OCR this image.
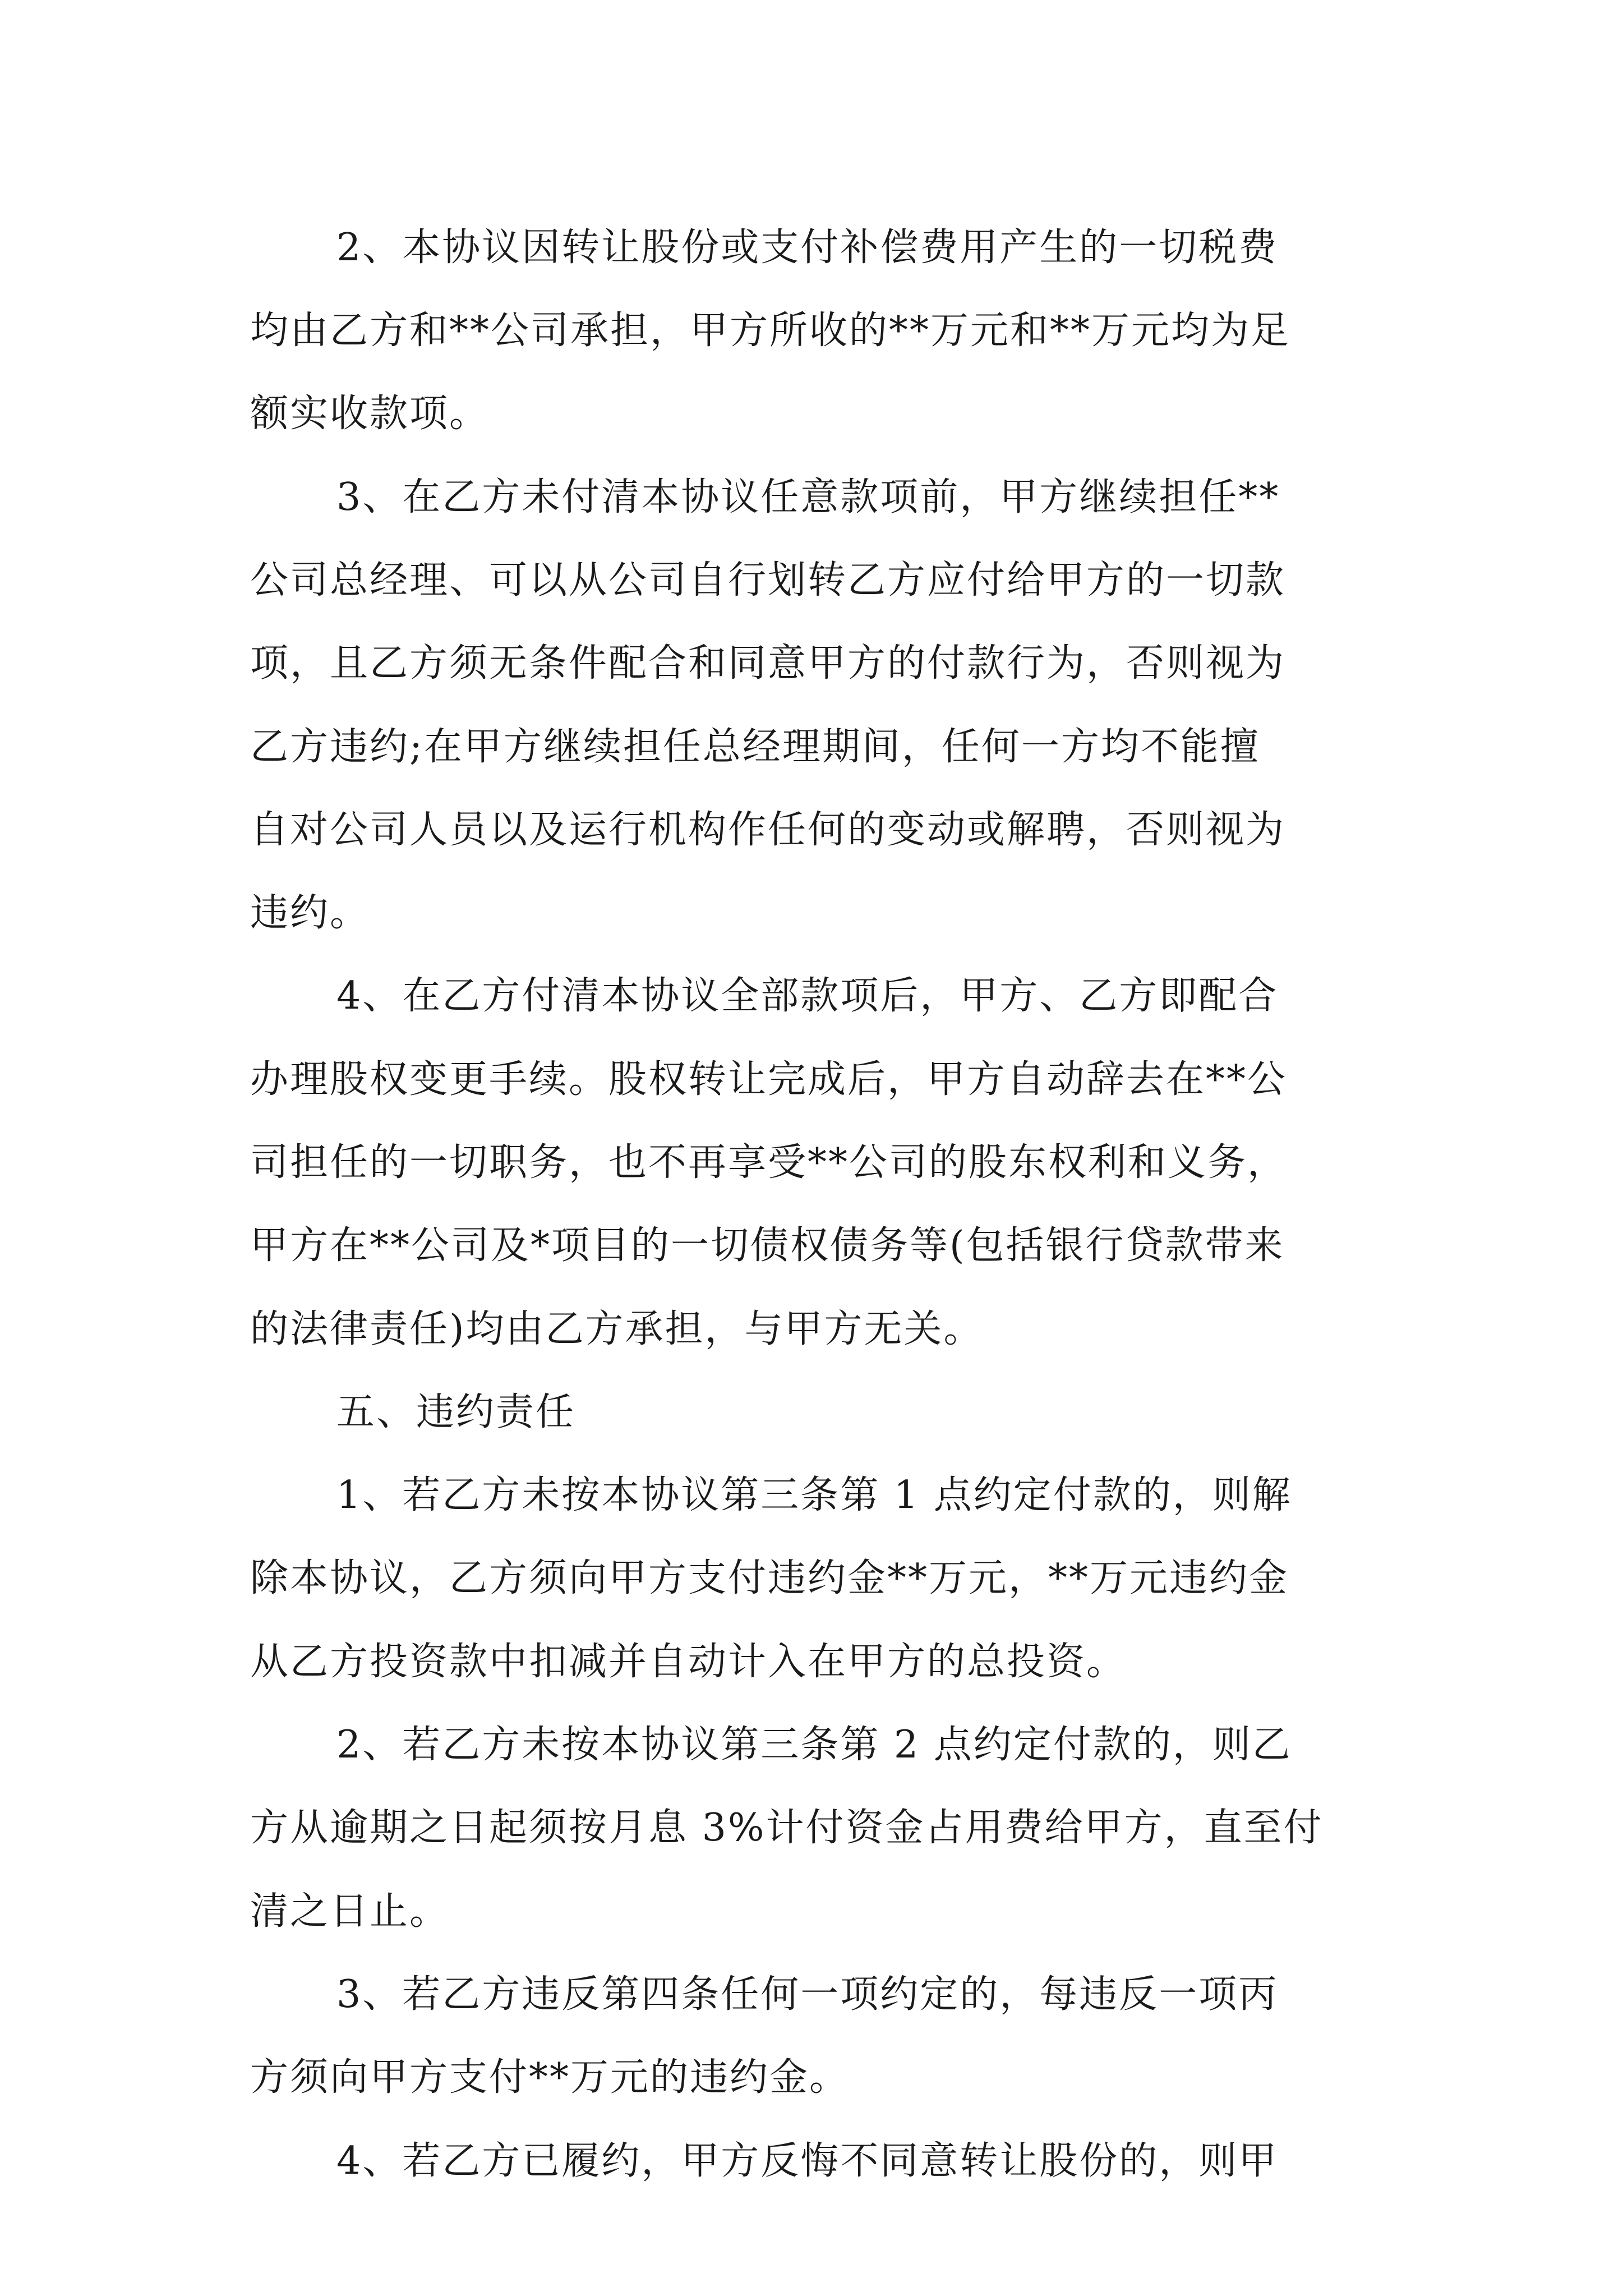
2、本协议因转让股份或支付补偿费用产生的一切税费
均由乙方和**公司承担，甲方所收的**万元和**万元均为足
额实收款项。
3、在乙方未付清本协议任意款项前，甲方继续担任**
公司总经理、可以从公司自行划转乙方应付给甲方的一切款
项，且乙方须无条件配合和同意甲方的付款行为，否则视为
乙方违约;在甲方继续担任总经理期间，任何一方均不能擅
自对公司人员以及运行机构作任何的变动或解聘，否则视为
违约。
4、在乙方付清本协议全部款项后，甲方、乙方即配合
办理股权变更手续。股权转让完成后，甲方自动辞去在**公
司担任的一切职务，也不再享受**公司的股东权利和义务，
甲方在**公司及*项目的一切债权债务等(包括银行贷款带来
的法律责任)均由乙方承担，与甲方无关。
五、违约责任
1、若乙方未按本协议第三条第 1 点约定付款的，则解
除本协议，乙方须向甲方支付违约金**万元，**万元违约金
从乙方投资款中扣减并自动计入在甲方的总投资。
2、若乙方未按本协议第三条第 2 点约定付款的，则乙
方从逾期之日起须按月息 3%计付资金占用费给甲方，直至付
清之日止。
3、若乙方违反第四条任何一项约定的，每违反一项丙
方须向甲方支付**万元的违约金。
4、若乙方已履约，甲方反悔不同意转让股份的，则甲
